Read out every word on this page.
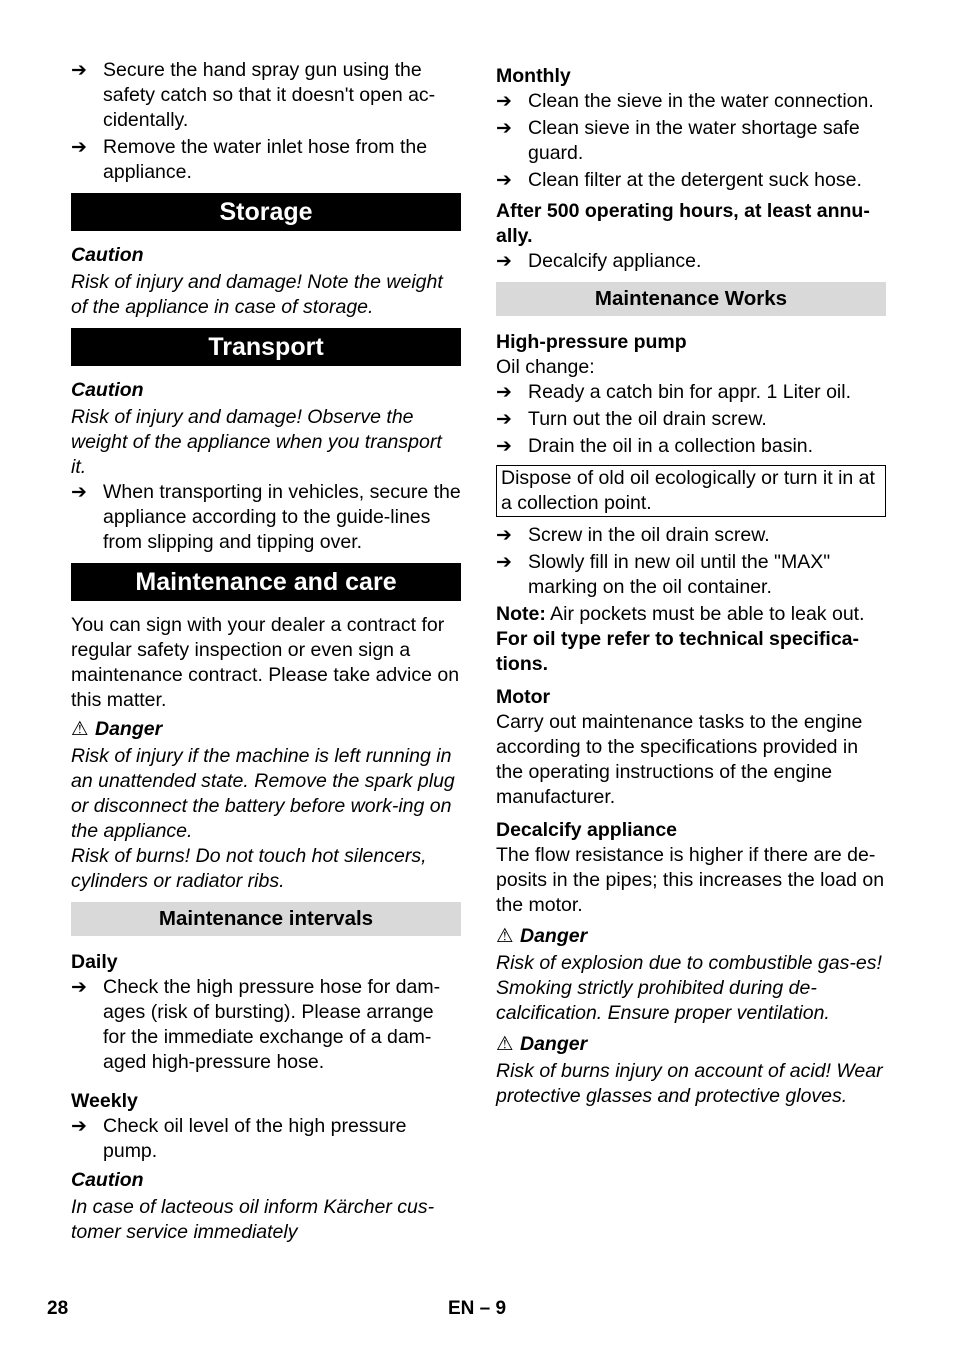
➔ Secure the hand spray gun using the safety catch so that it doesn't open ac-cidentally.
➔ Remove the water inlet hose from the appliance.
Storage

Caution

Risk of injury and damage! Note the weight of the appliance in case of storage.

Transport

Caution

Risk of injury and damage! Observe the weight of the appliance when you transport it.

➔ When transporting in vehicles, secure the appliance according to the guide-lines from slipping and tipping over.
Maintenance and care

You can sign with your dealer a contract for regular safety inspection or even sign a maintenance contract. Please take advice on this matter.

⚠ Danger

Risk of injury if the machine is left running in an unattended state. Remove the spark plug or disconnect the battery before work-ing on the appliance.

Risk of burns! Do not touch hot silencers, cylinders or radiator ribs.

Maintenance intervals

Daily

➔ Check the high pressure hose for dam-ages (risk of bursting). Please arrange for the immediate exchange of a dam-aged high-pressure hose.

Weekly

➔ Check oil level of the high pressure pump.

Caution

In case of lacteous oil inform Kärcher cus-tomer service immediately

Monthly

➔ Clean the sieve in the water connection.
➔ Clean sieve in the water shortage safe guard.
➔ Clean filter at the detergent suck hose.

After 500 operating hours, at least annu-ally.

➔ Decalcify appliance.
Maintenance Works

High-pressure pump

Oil change:

➔ Ready a catch bin for appr. 1 Liter oil.
➔ Turn out the oil drain screw.
➔ Drain the oil in a collection basin.
Dispose of old oil ecologically or turn it in at a collection point.
➔ Screw in the oil drain screw.
➔ Slowly fill in new oil until the "MAX" marking on the oil container.

Note: Air pockets must be able to leak out.

For oil type refer to technical specifica-tions.

Motor

Carry out maintenance tasks to the engine according to the specifications provided in the operating instructions of the engine manufacturer.

Decalcify appliance

The flow resistance is higher if there are de-posits in the pipes; this increases the load on the motor.

⚠ Danger

Risk of explosion due to combustible gas-es! Smoking strictly prohibited during de-calcification. Ensure proper ventilation.

⚠ Danger

Risk of burns injury on account of acid! Wear protective glasses and protective gloves.

28	EN – 9
